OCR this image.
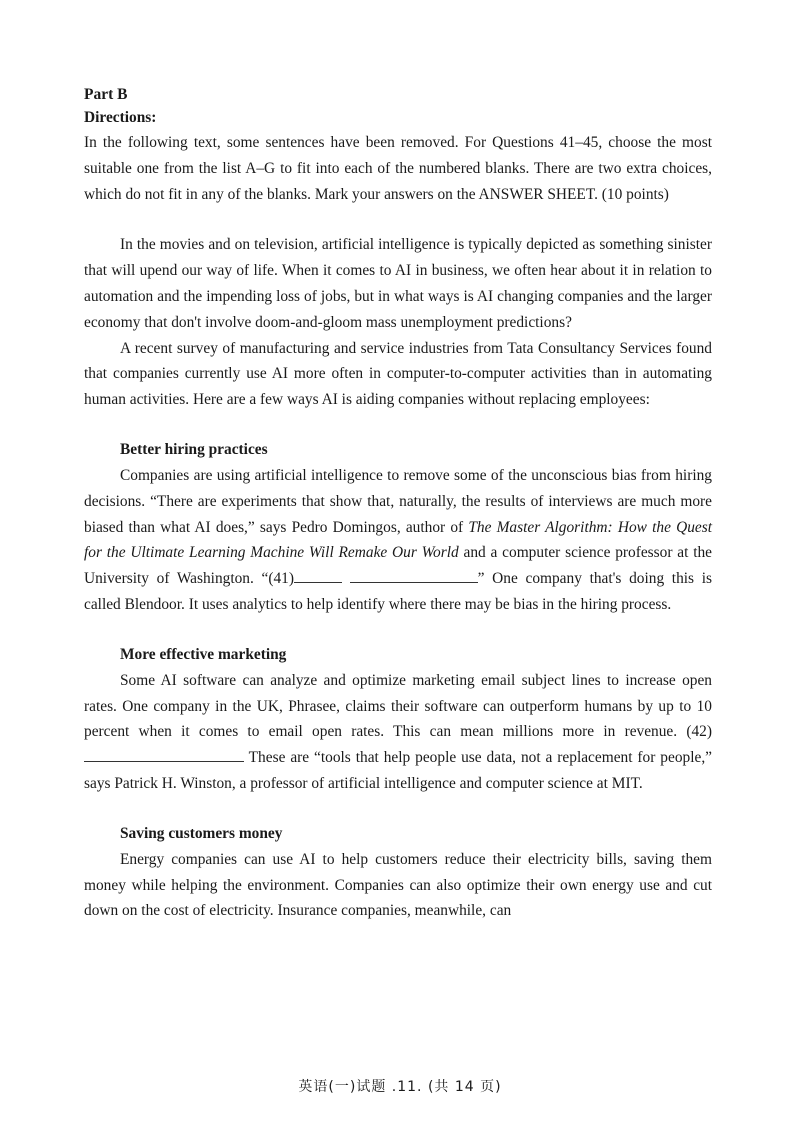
Part B

Directions:

In the following text, some sentences have been removed. For Questions 41–45, choose the most suitable one from the list A–G to fit into each of the numbered blanks. There are two extra choices, which do not fit in any of the blanks. Mark your answers on the ANSWER SHEET. (10 points)

In the movies and on television, artificial intelligence is typically depicted as something sinister that will upend our way of life. When it comes to AI in business, we often hear about it in relation to automation and the impending loss of jobs, but in what ways is AI changing companies and the larger economy that don't involve doom-and-gloom mass unemployment predictions?

A recent survey of manufacturing and service industries from Tata Consultancy Services found that companies currently use AI more often in computer-to-computer activities than in automating human activities. Here are a few ways AI is aiding companies without replacing employees:

Better hiring practices

Companies are using artificial intelligence to remove some of the unconscious bias from hiring decisions. “There are experiments that show that, naturally, the results of interviews are much more biased than what AI does,” says Pedro Domingos, author of The Master Algorithm: How the Quest for the Ultimate Learning Machine Will Remake Our World and a computer science professor at the University of Washington. “(41)	” One company that's doing this is called Blendoor. It uses analytics to help identify where there may be bias in the hiring process.

More effective marketing

Some AI software can analyze and optimize marketing email subject lines to increase open rates. One company in the UK, Phrasee, claims their software can outperform humans by up to 10 percent when it comes to email open rates. This can mean millions more in revenue. (42) These are “tools that help people use data, not a replacement for people,” says Patrick H. Winston, a professor of artificial intelligence and computer science at MIT.

Saving customers money

Energy companies can use AI to help customers reduce their electricity bills, saving them money while helping the environment. Companies can also optimize their own energy use and cut down on the cost of electricity. Insurance companies, meanwhile, can

英语(一)试题 .11. (共 14 页)
